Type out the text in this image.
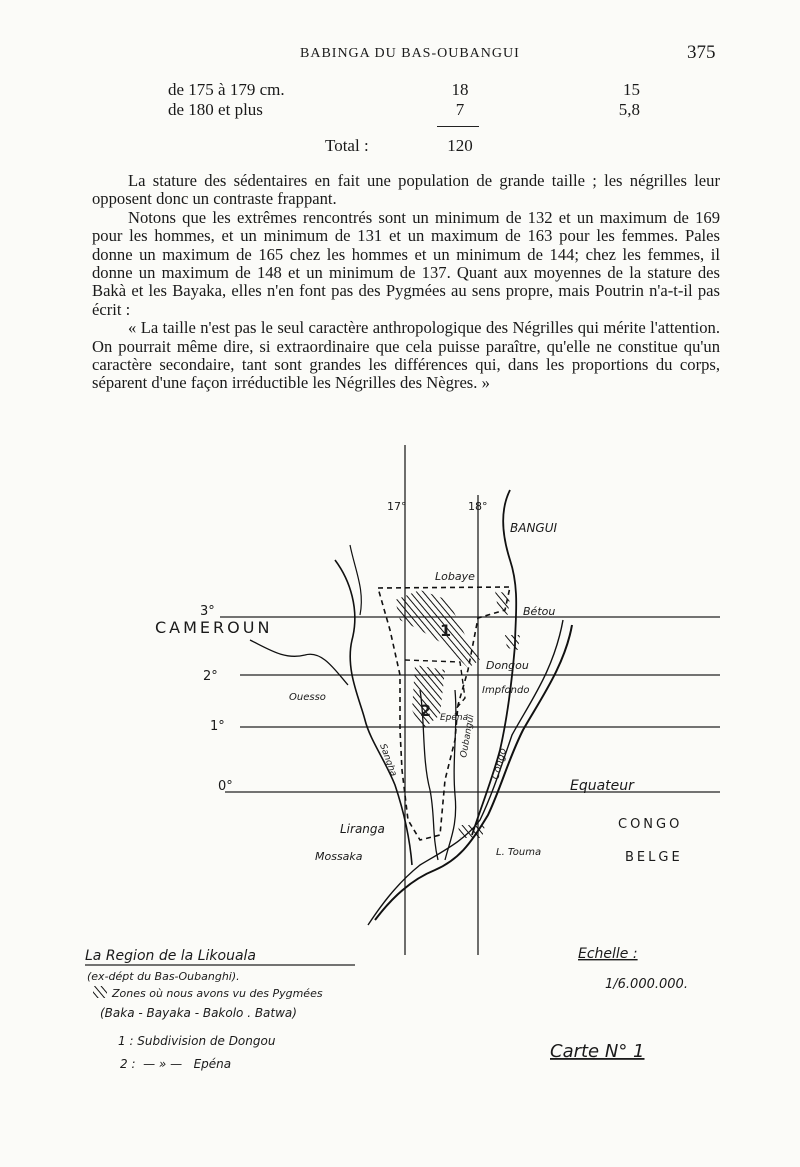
BABINGA DU BAS-OUBANGUI	375
de 175 à 179 cm.	18	15
de 180 et plus	7	5,8
Total :	120

La stature des sédentaires en fait une population de grande taille ; les négrilles leur opposent donc un contraste frappant.

Notons que les extrêmes rencontrés sont un minimum de 132 et un maximum de 169 pour les hommes, et un minimum de 131 et un maximum de 163 pour les femmes. Pales donne un maximum de 165 chez les hommes et un minimum de 144; chez les femmes, il donne un maximum de 148 et un minimum de 137. Quant aux moyennes de la stature des Bakà et les Bayaka, elles n'en font pas des Pygmées au sens propre, mais Poutrin n'a-t-il pas écrit :

« La taille n'est pas le seul caractère anthropologique des Négrilles qui mérite l'attention. On pourrait même dire, si extraordinaire que cela puisse paraître, qu'elle ne constitue qu'un caractère secondaire, tant sont grandes les différences qui, dans les proportions du corps, séparent d'une façon irréductible les Négrilles des Nègres. »

17°	18°
3°
2°
1°
0°
1
2
BANGUI
Lobaye
Bétou
CAMEROUN
Dongou
Impfondo
Ouesso
Epéna
Sangha
Oubangui
Congo
Equateur
CONGO
BELGE
Liranga
Mossaka	L. Touma
La Region de la Likouala
(ex-dépt du Bas-Oubanghi).
Zones où nous avons vu des Pygmées
(Baka - Bayaka - Bakolo . Batwa)
1 : Subdivision de Dongou
2 :  — » —   Epéna
Echelle :
1/6.000.000.
Carte N° 1
